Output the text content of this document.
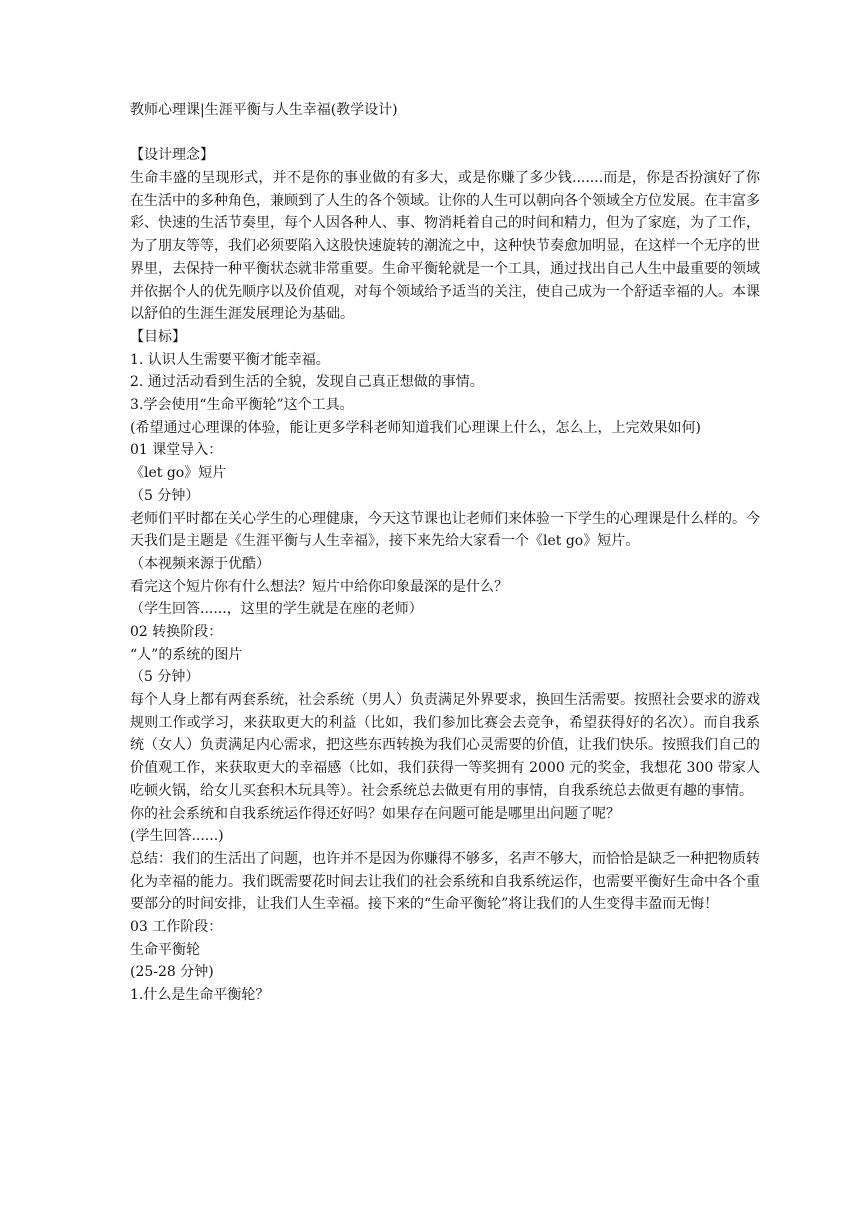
教师心理课|生涯平衡与人生幸福(教学设计)
【设计理念】
生命丰盛的呈现形式，并不是你的事业做的有多大，或是你赚了多少钱.......而是，你是否扮演好了你在生活中的多种角色，兼顾到了人生的各个领域。让你的人生可以朝向各个领域全方位发展。在丰富多彩、快速的生活节奏里，每个人因各种人、事、物消耗着自己的时间和精力，但为了家庭，为了工作，为了朋友等等，我们必须要陷入这股快速旋转的潮流之中，这种快节奏愈加明显，在这样一个无序的世界里，去保持一种平衡状态就非常重要。生命平衡轮就是一个工具，通过找出自己人生中最重要的领域并依据个人的优先顺序以及价值观，对每个领域给予适当的关注，使自己成为一个舒适幸福的人。本课以舒伯的生涯生涯发展理论为基础。
【目标】
1. 认识人生需要平衡才能幸福。
2. 通过活动看到生活的全貌，发现自己真正想做的事情。
3.学会使用“生命平衡轮”这个工具。
(希望通过心理课的体验，能让更多学科老师知道我们心理课上什么，怎么上，上完效果如何)
01 课堂导入：
《let go》短片
（5 分钟）
老师们平时都在关心学生的心理健康，今天这节课也让老师们来体验一下学生的心理课是什么样的。今天我们是主题是《生涯平衡与人生幸福》，接下来先给大家看一个《let go》短片。
（本视频来源于优酷）
看完这个短片你有什么想法？短片中给你印象最深的是什么？
（学生回答......，这里的学生就是在座的老师）
02 转换阶段：
“人”的系统的图片
（5 分钟）
每个人身上都有两套系统，社会系统（男人）负责满足外界要求，换回生活需要。按照社会要求的游戏规则工作或学习，来获取更大的利益（比如，我们参加比赛会去竞争，希望获得好的名次）。而自我系统（女人）负责满足内心需求，把这些东西转换为我们心灵需要的价值，让我们快乐。按照我们自己的价值观工作，来获取更大的幸福感（比如，我们获得一等奖拥有 2000 元的奖金，我想花 300 带家人吃顿火锅，给女儿买套积木玩具等）。社会系统总去做更有用的事情，自我系统总去做更有趣的事情。
你的社会系统和自我系统运作得还好吗？如果存在问题可能是哪里出问题了呢？
(学生回答......)
总结：我们的生活出了问题，也许并不是因为你赚得不够多，名声不够大，而恰恰是缺乏一种把物质转化为幸福的能力。我们既需要花时间去让我们的社会系统和自我系统运作，也需要平衡好生命中各个重要部分的时间安排，让我们人生幸福。接下来的“生命平衡轮”将让我们的人生变得丰盈而无悔！
03 工作阶段：
生命平衡轮
(25-28 分钟)
1.什么是生命平衡轮？
